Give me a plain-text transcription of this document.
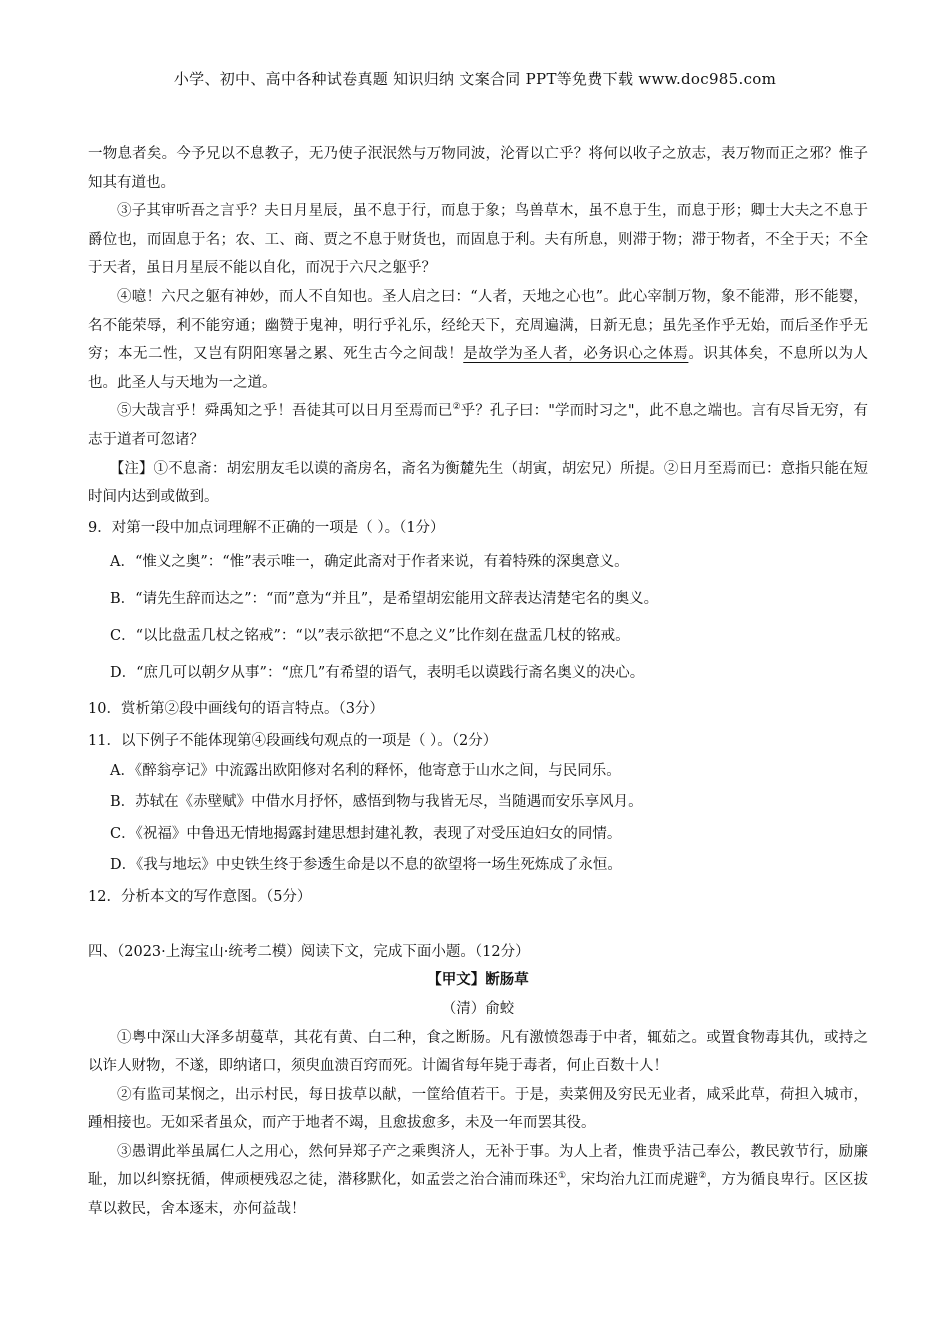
小学、初中、高中各种试卷真题 知识归纳 文案合同 PPT等免费下载 www.doc985.com

一物息者矣。今予兄以不息教子，无乃使子泯泯然与万物同波，沦胥以亡乎？将何以收子之放志，表万物而正之邪？惟子知其有道也。

③子其审听吾之言乎？夫日月星辰，虽不息于行，而息于象；鸟兽草木，虽不息于生，而息于形；卿士大夫之不息于爵位也，而固息于名；农、工、商、贾之不息于财货也，而固息于利。夫有所息，则滞于物；滞于物者，不全于天；不全于天者，虽日月星辰不能以自化，而况于六尺之躯乎？

④噫！六尺之躯有神妙，而人不自知也。圣人启之曰：“人者，天地之心也”。此心宰制万物，象不能滞，形不能婴，名不能荣辱，利不能穷通；幽赞于鬼神，明行乎礼乐，经纶天下，充周遍满，日新无息；虽先圣作乎无始，而后圣作乎无穷；本无二性，又岂有阴阳寒暑之累、死生古今之间哉！是故学为圣人者，必务识心之体焉。识其体矣，不息所以为人也。此圣人与天地为一之道。

⑤大哉言乎！舜禹知之乎！吾徒其可以日月至焉而已②乎？孔子曰："学而时习之"，此不息之端也。言有尽旨无穷，有志于道者可忽诸？

【注】①不息斋：胡宏朋友毛以谟的斋房名，斋名为衡麓先生（胡寅，胡宏兄）所提。②日月至焉而已：意指只能在短时间内达到或做到。

9．对第一段中加点词理解不正确的一项是（ ）。（1分）

A．“惟义之奥”：“惟”表示唯一，确定此斋对于作者来说，有着特殊的深奥意义。

B．“请先生辞而达之”：“而”意为“并且”，是希望胡宏能用文辞表达清楚宅名的奥义。

C．“以比盘盂几杖之铭戒”：“以”表示欲把“不息之义”比作刻在盘盂几杖的铭戒。

D．“庶几可以朝夕从事”：“庶几”有希望的语气，表明毛以谟践行斋名奥义的决心。

10．赏析第②段中画线句的语言特点。（3分）

11．以下例子不能体现第④段画线句观点的一项是（ ）。（2分）

A．《醉翁亭记》中流露出欧阳修对名利的释怀，他寄意于山水之间，与民同乐。

B．苏轼在《赤壁赋》中借水月抒怀，感悟到物与我皆无尽，当随遇而安乐享风月。

C．《祝福》中鲁迅无情地揭露封建思想封建礼教，表现了对受压迫妇女的同情。

D．《我与地坛》中史铁生终于参透生命是以不息的欲望将一场生死炼成了永恒。

12．分析本文的写作意图。（5分）

四、（2023·上海宝山·统考二模）阅读下文，完成下面小题。（12分）

【甲文】断肠草

（清）俞蛟

①粤中深山大泽多胡蔓草，其花有黄、白二种，食之断肠。凡有激愤怨毒于中者，辄茹之。或置食物毒其仇，或持之以诈人财物，不遂，即纳诸口，须臾血溃百窍而死。计阖省每年毙于毒者，何止百数十人！

②有监司某悯之，出示村民，每日拔草以献，一筐给值若干。于是，卖菜佣及穷民无业者，咸采此草，荷担入城市，踵相接也。无如采者虽众，而产于地者不竭，且愈拔愈多，未及一年而罢其役。

③愚谓此举虽属仁人之用心，然何异郑子产之乘舆济人，无补于事。为人上者，惟贵乎洁己奉公，教民敦节行，励廉耻，加以纠察抚循，俾顽梗残忍之徒，潜移默化，如孟尝之治合浦而珠还①，宋均治九江而虎避②，方为循良卑行。区区拔草以救民，舍本逐末，亦何益哉！
